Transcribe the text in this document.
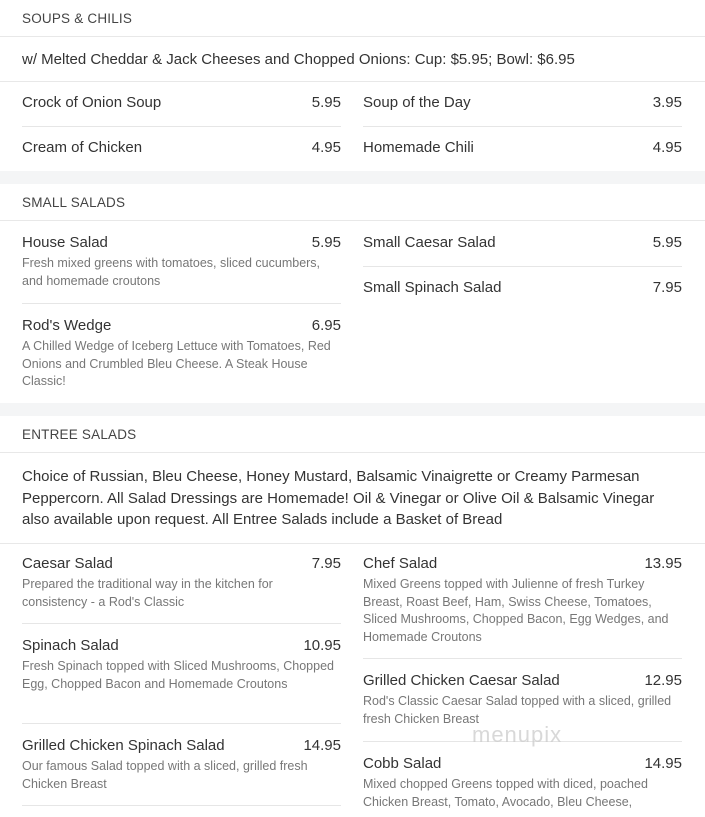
SOUPS & CHILIS
w/ Melted Cheddar & Jack Cheeses and Chopped Onions: Cup: $5.95; Bowl: $6.95
Crock of Onion Soup	5.95 Soup of the Day	3.95
Cream of Chicken	4.95 Homemade Chili	4.95
SMALL SALADS
House Salad	5.95
Fresh mixed greens with tomatoes, sliced cucumbers, and homemade croutons
Small Caesar Salad	5.95
Small Spinach Salad	7.95
Rod's Wedge	6.95
A Chilled Wedge of Iceberg Lettuce with Tomatoes, Red Onions and Crumbled Bleu Cheese. A Steak House Classic!
ENTREE SALADS
Choice of Russian, Bleu Cheese, Honey Mustard, Balsamic Vinaigrette or Creamy Parmesan Peppercorn. All Salad Dressings are Homemade! Oil & Vinegar or Olive Oil & Balsamic Vinegar also available upon request. All Entree Salads include a Basket of Bread
Caesar Salad	7.95
Prepared the traditional way in the kitchen for consistency - a Rod's Classic
Spinach Salad	10.95
Fresh Spinach topped with Sliced Mushrooms, Chopped Egg, Chopped Bacon and Homemade Croutons
Grilled Chicken Spinach Salad	14.95
Our famous Salad topped with a sliced, grilled fresh Chicken Breast
Chef Salad	13.95
Mixed Greens topped with Julienne of fresh Turkey Breast, Roast Beef, Ham, Swiss Cheese, Tomatoes, Sliced Mushrooms, Chopped Bacon, Egg Wedges, and Homemade Croutons
Grilled Chicken Caesar Salad	12.95
Rod's Classic Caesar Salad topped with a sliced, grilled fresh Chicken Breast
Cobb Salad	14.95
Mixed chopped Greens topped with diced, poached Chicken Breast, Tomato, Avocado, Bleu Cheese,
menupix
